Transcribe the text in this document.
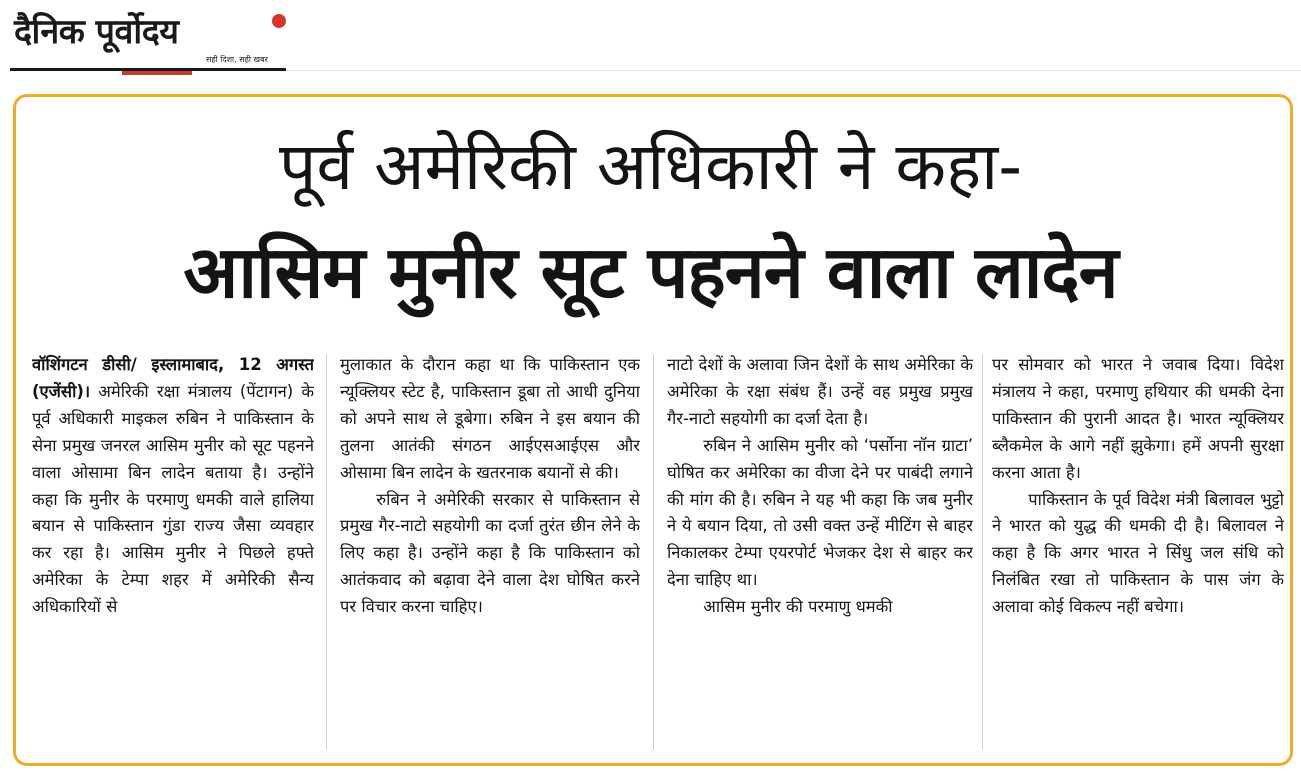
दैनिक पूर्वोदय
सही दिशा, सही खबर
पूर्व अमेरिकी अधिकारी ने कहा-
आसिम मुनीर सूट पहनने वाला लादेन

वॉशिंगटन डीसी/ इस्लामाबाद, 12 अगस्त (एजेंसी)। अमेरिकी रक्षा मंत्रालय (पेंटागन) के पूर्व अधिकारी माइकल रुबिन ने पाकिस्तान के सेना प्रमुख जनरल आसिम मुनीर को सूट पहनने वाला ओसामा बिन लादेन बताया है। उन्होंने कहा कि मुनीर के परमाणु धमकी वाले हालिया बयान से पाकिस्तान गुंडा राज्य जैसा व्यवहार कर रहा है। आसिम मुनीर ने पिछले हफ्ते अमेरिका के टेम्पा शहर में अमेरिकी सैन्य अधिकारियों से

मुलाकात के दौरान कहा था कि पाकिस्तान एक न्यूक्लियर स्टेट है, पाकिस्तान डूबा तो आधी दुनिया को अपने साथ ले डूबेगा। रुबिन ने इस बयान की तुलना आतंकी संगठन आईएसआईएस और ओसामा बिन लादेन के खतरनाक बयानों से की।

रुबिन ने अमेरिकी सरकार से पाकिस्तान से प्रमुख गैर-नाटो सहयोगी का दर्जा तुरंत छीन लेने के लिए कहा है। उन्होंने कहा है कि पाकिस्तान को आतंकवाद को बढ़ावा देने वाला देश घोषित करने पर विचार करना चाहिए।

नाटो देशों के अलावा जिन देशों के साथ अमेरिका के अमेरिका के रक्षा संबंध हैं। उन्हें वह प्रमुख प्रमुख गैर-नाटो सहयोगी का दर्जा देता है।

रुबिन ने आसिम मुनीर को ‘पर्सोना नॉन ग्राटा’ घोषित कर अमेरिका का वीजा देने पर पाबंदी लगाने की मांग की है। रुबिन ने यह भी कहा कि जब मुनीर ने ये बयान दिया, तो उसी वक्त उन्हें मीटिंग से बाहर निकालकर टेम्पा एयरपोर्ट भेजकर देश से बाहर कर देना चाहिए था।

आसिम मुनीर की परमाणु धमकी

पर सोमवार को भारत ने जवाब दिया। विदेश मंत्रालय ने कहा, परमाणु हथियार की धमकी देना पाकिस्तान की पुरानी आदत है। भारत न्यूक्लियर ब्लैकमेल के आगे नहीं झुकेगा। हमें अपनी सुरक्षा करना आता है।

पाकिस्तान के पूर्व विदेश मंत्री बिलावल भुट्टो ने भारत को युद्ध की धमकी दी है। बिलावल ने कहा है कि अगर भारत ने सिंधु जल संधि को निलंबित रखा तो पाकिस्तान के पास जंग के अलावा कोई विकल्प नहीं बचेगा।
